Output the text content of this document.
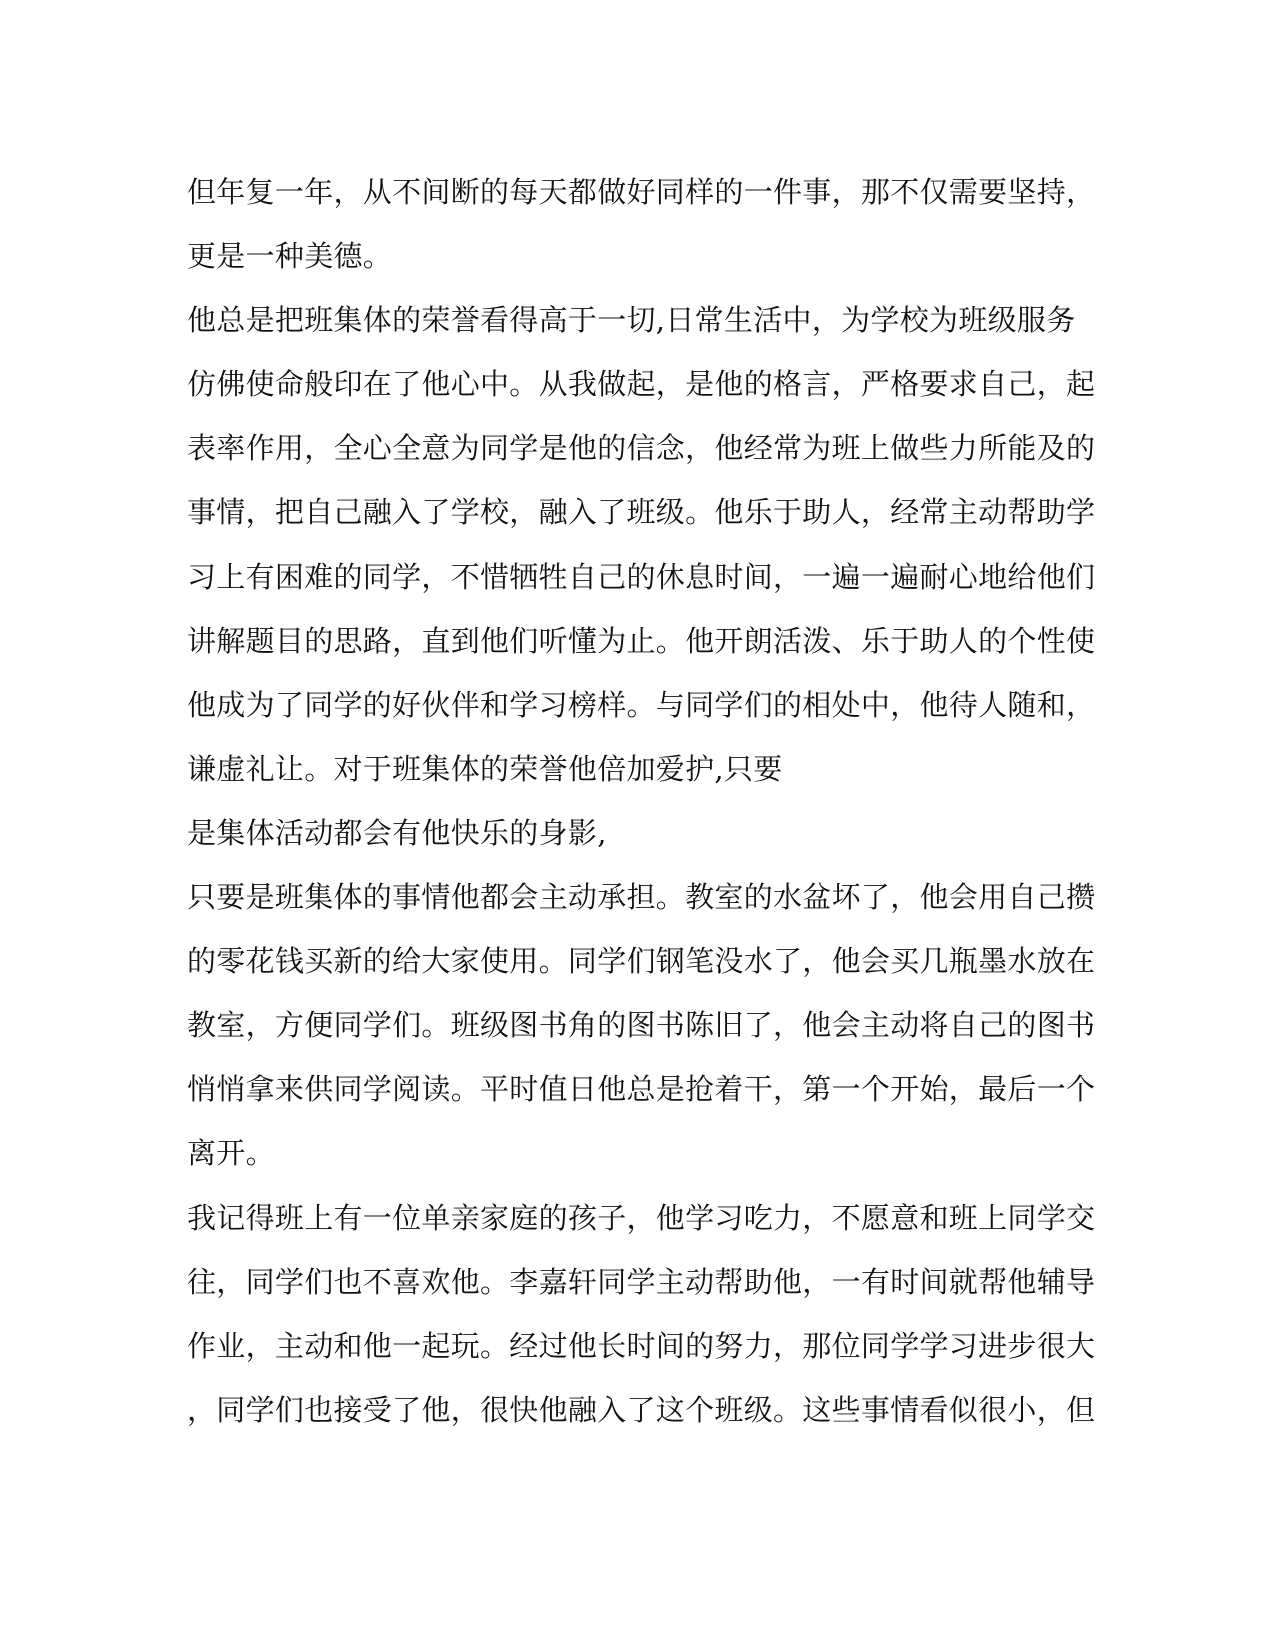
但年复一年，从不间断的每天都做好同样的一件事，那不仅需要坚持，
更是一种美德。
他总是把班集体的荣誉看得高于一切,日常生活中，为学校为班级服务
仿佛使命般印在了他心中。从我做起，是他的格言，严格要求自己，起
表率作用，全心全意为同学是他的信念，他经常为班上做些力所能及的
事情，把自己融入了学校，融入了班级。他乐于助人，经常主动帮助学
习上有困难的同学，不惜牺牲自己的休息时间，一遍一遍耐心地给他们
讲解题目的思路，直到他们听懂为止。他开朗活泼、乐于助人的个性使
他成为了同学的好伙伴和学习榜样。与同学们的相处中，他待人随和，
谦虚礼让。对于班集体的荣誉他倍加爱护,只要
是集体活动都会有他快乐的身影,
只要是班集体的事情他都会主动承担。教室的水盆坏了，他会用自己攒
的零花钱买新的给大家使用。同学们钢笔没水了，他会买几瓶墨水放在
教室，方便同学们。班级图书角的图书陈旧了，他会主动将自己的图书
悄悄拿来供同学阅读。平时值日他总是抢着干，第一个开始，最后一个
离开。
我记得班上有一位单亲家庭的孩子，他学习吃力，不愿意和班上同学交
往，同学们也不喜欢他。李嘉轩同学主动帮助他，一有时间就帮他辅导
作业，主动和他一起玩。经过他长时间的努力，那位同学学习进步很大
，同学们也接受了他，很快他融入了这个班级。这些事情看似很小，但
